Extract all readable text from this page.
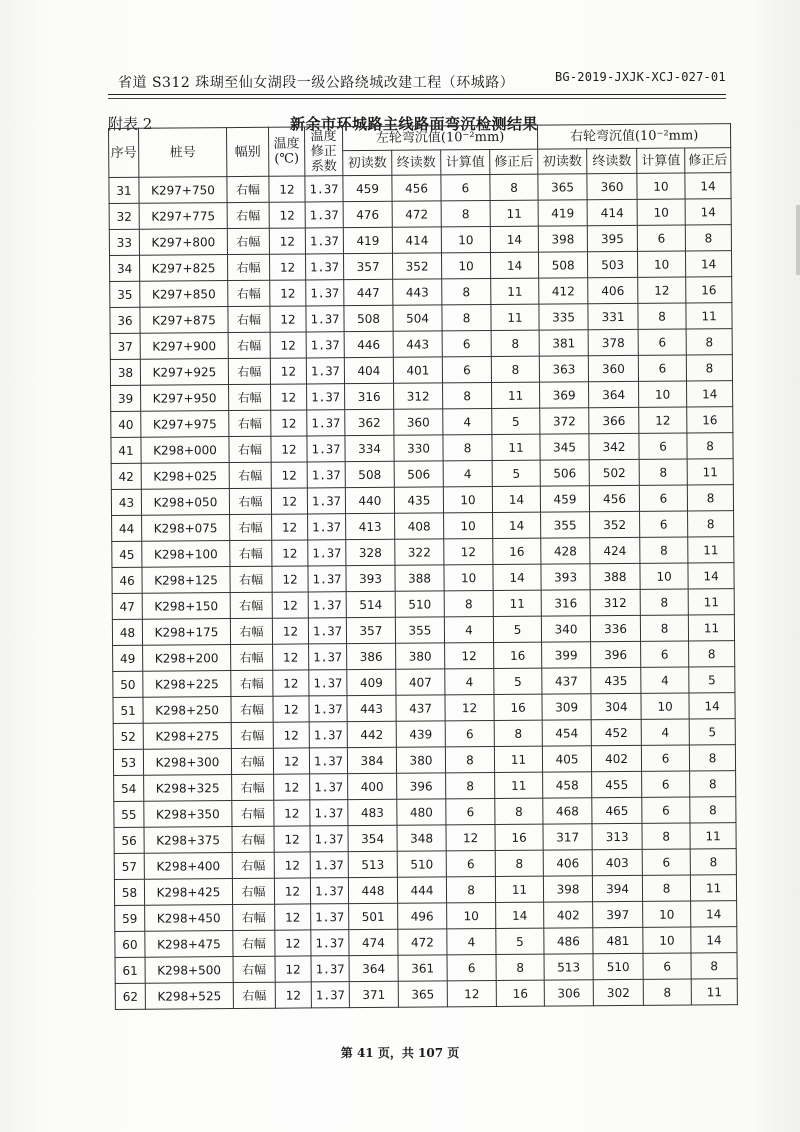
省道 S312 珠瑚至仙女湖段一级公路绕城改建工程（环城路）	BG-2019-JXJK-XCJ-027-01
附表 2	新余市环城路主线路面弯沉检测结果
序号	桩号	幅别	温度(℃)	温度修正系数	左轮弯沉值(10⁻²mm)				右轮弯沉值(10⁻²mm)			
					初读数	终读数	计算值	修正后	初读数	终读数	计算值	修正后
31	K297+750	右幅	12	1.37	459	456	6	8	365	360	10	14
32	K297+775	右幅	12	1.37	476	472	8	11	419	414	10	14
33	K297+800	右幅	12	1.37	419	414	10	14	398	395	6	8
34	K297+825	右幅	12	1.37	357	352	10	14	508	503	10	14
35	K297+850	右幅	12	1.37	447	443	8	11	412	406	12	16
36	K297+875	右幅	12	1.37	508	504	8	11	335	331	8	11
37	K297+900	右幅	12	1.37	446	443	6	8	381	378	6	8
38	K297+925	右幅	12	1.37	404	401	6	8	363	360	6	8
39	K297+950	右幅	12	1.37	316	312	8	11	369	364	10	14
40	K297+975	右幅	12	1.37	362	360	4	5	372	366	12	16
41	K298+000	右幅	12	1.37	334	330	8	11	345	342	6	8
42	K298+025	右幅	12	1.37	508	506	4	5	506	502	8	11
43	K298+050	右幅	12	1.37	440	435	10	14	459	456	6	8
44	K298+075	右幅	12	1.37	413	408	10	14	355	352	6	8
45	K298+100	右幅	12	1.37	328	322	12	16	428	424	8	11
46	K298+125	右幅	12	1.37	393	388	10	14	393	388	10	14
47	K298+150	右幅	12	1.37	514	510	8	11	316	312	8	11
48	K298+175	右幅	12	1.37	357	355	4	5	340	336	8	11
49	K298+200	右幅	12	1.37	386	380	12	16	399	396	6	8
50	K298+225	右幅	12	1.37	409	407	4	5	437	435	4	5
51	K298+250	右幅	12	1.37	443	437	12	16	309	304	10	14
52	K298+275	右幅	12	1.37	442	439	6	8	454	452	4	5
53	K298+300	右幅	12	1.37	384	380	8	11	405	402	6	8
54	K298+325	右幅	12	1.37	400	396	8	11	458	455	6	8
55	K298+350	右幅	12	1.37	483	480	6	8	468	465	6	8
56	K298+375	右幅	12	1.37	354	348	12	16	317	313	8	11
57	K298+400	右幅	12	1.37	513	510	6	8	406	403	6	8
58	K298+425	右幅	12	1.37	448	444	8	11	398	394	8	11
59	K298+450	右幅	12	1.37	501	496	10	14	402	397	10	14
60	K298+475	右幅	12	1.37	474	472	4	5	486	481	10	14
61	K298+500	右幅	12	1.37	364	361	6	8	513	510	6	8
62	K298+525	右幅	12	1.37	371	365	12	16	306	302	8	11
第 41 页，共 107 页
